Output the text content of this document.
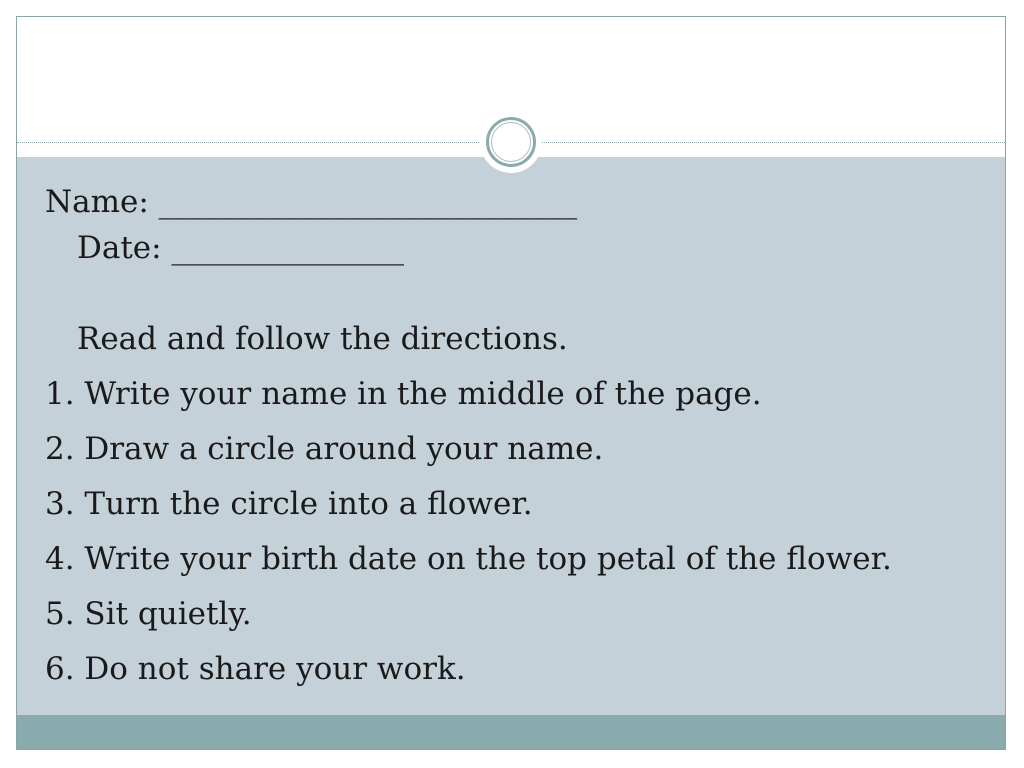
Name: ___________________________

Date: _______________

Read and follow the directions.

1. Write your name in the middle of the page.

2. Draw a circle around your name.

3. Turn the circle into a flower.

4. Write your birth date on the top petal of the flower.

5. Sit quietly.

6. Do not share your work.
